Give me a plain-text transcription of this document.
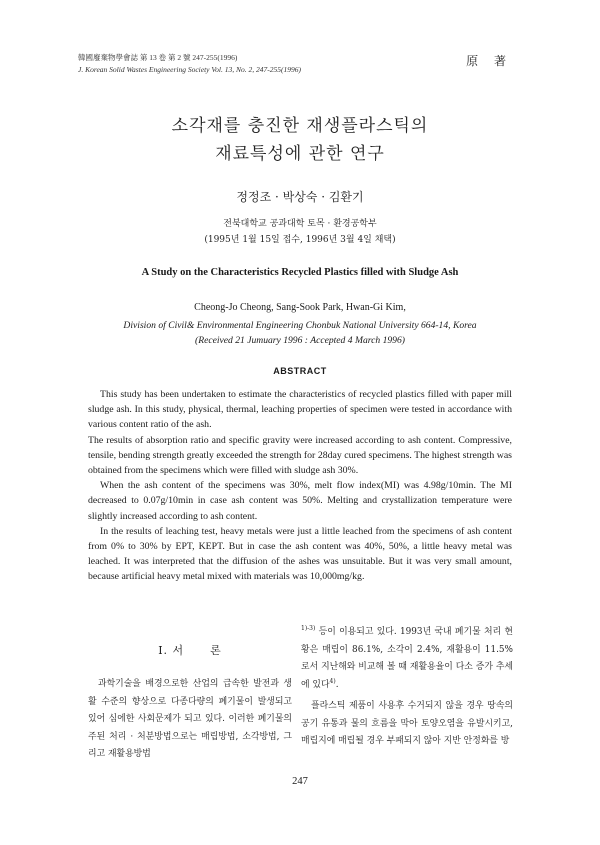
韓國廢棄物學會誌 第 13 卷 第 2 號 247-255(1996)
J. Korean Solid Wastes Engineering Society Vol. 13, No. 2, 247-255(1996)
原 著
소각재를 충진한 재생플라스틱의
재료특성에 관한 연구
정정조 · 박상숙 · 김환기
전북대학교 공과대학 토목 · 환경공학부
(1995년 1월 15일 접수, 1996년 3월 4일 채택)
A Study on the Characteristics Recycled Plastics filled with Sludge Ash
Cheong-Jo Cheong, Sang-Sook Park, Hwan-Gi Kim,
Division of Civil& Environmental Engineering Chonbuk National University 664-14, Korea
(Received 21 Jumuary 1996 : Accepted 4 March 1996)
ABSTRACT

This study has been undertaken to estimate the characteristics of recycled plastics filled with paper mill sludge ash. In this study, physical, thermal, leaching properties of specimen were tested in accordance with various content ratio of the ash.

The results of absorption ratio and specific gravity were increased according to ash content. Compressive, tensile, bending strength greatly exceeded the strength for 28day cured specimens. The highest strength was obtained from the specimens which were filled with sludge ash 30%.

When the ash content of the specimens was 30%, melt flow index(MI) was 4.98g/10min. The MI decreased to 0.07g/10min in case ash content was 50%. Melting and crystallization temperature were slightly increased according to ash content.

In the results of leaching test, heavy metals were just a little leached from the specimens of ash content from 0% to 30% by EPT, KEPT. But in case the ash content was 40%, 50%, a little heavy metal was leached. It was interpreted that the diffusion of the ashes was unsuitable. But it was very small amount, because artificial heavy metal mixed with materials was 10,000mg/kg.

I. 서 론

과학기술을 배경으로한 산업의 급속한 발전과 생활 수준의 향상으로 다종다량의 폐기물이 발생되고 있어 심에한 사회문제가 되고 있다. 이러한 폐기물의 주된 처리 · 처분방법으로는 매립방법, 소각방법, 그리고 재활용방법

$^{1)-3)}$ 등이 이용되고 있다. 1993년 국내 폐기물 처리 현황은 매립이 86.1%, 소각이 2.4%, 재활용이 11.5%로서 지난해와 비교해 볼 때 재활용율이 다소 증가 추세에 있다$^{4)}$.

플라스틱 제품이 사용후 수거되지 않을 경우 땅속의 공기 유통과 물의 흐름을 막아 토양오염을 유발시키고, 매립지에 매립될 경우 부패되지 않아 지반 안정화를 방

247
